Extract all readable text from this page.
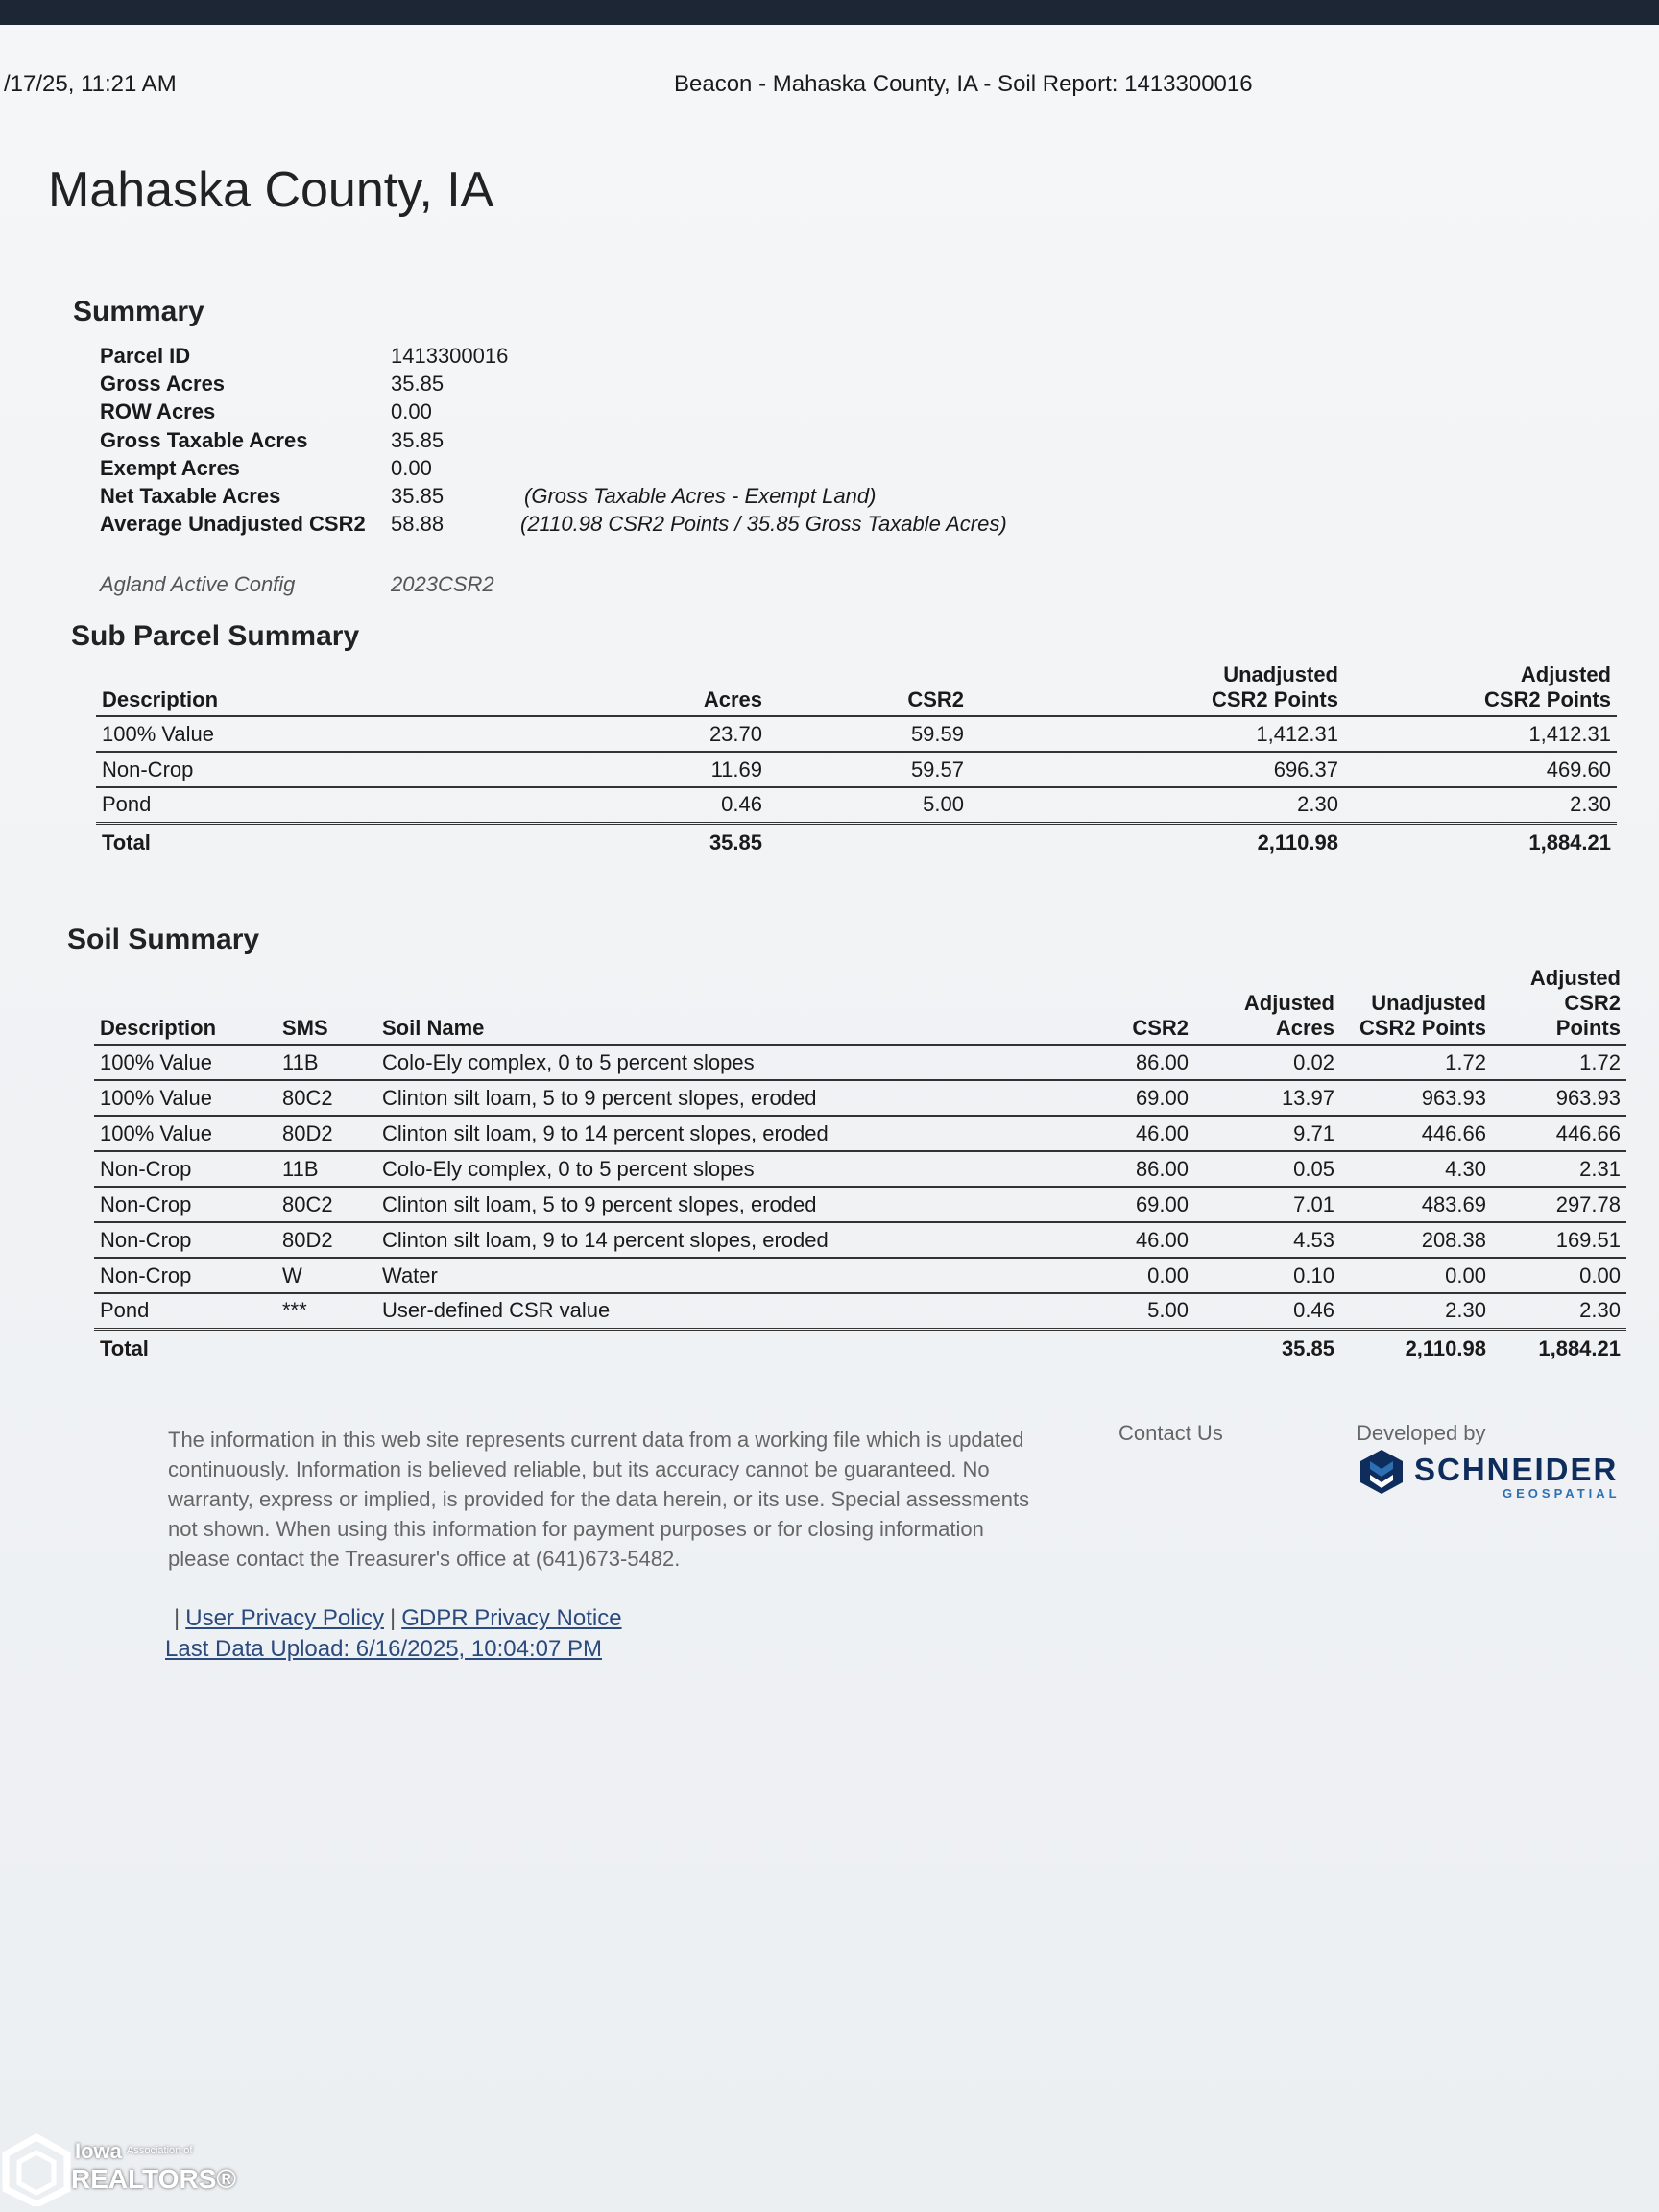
/17/25, 11:21 AM	Beacon - Mahaska County, IA - Soil Report: 1413300016
Mahaska County, IA
Summary
Parcel ID	1413300016
Gross Acres	35.85
ROW Acres	0.00
Gross Taxable Acres	35.85
Exempt Acres	0.00
Net Taxable Acres	35.85	(Gross Taxable Acres - Exempt Land)
Average Unadjusted CSR2 58.88	(2110.98 CSR2 Points / 35.85 Gross Taxable Acres)
Agland Active Config	2023CSR2
Sub Parcel Summary
Description	Acres	CSR2	Unadjusted CSR2 Points	Adjusted CSR2 Points
100% Value	23.70	59.59	1,412.31	1,412.31
Non-Crop	11.69	59.57	696.37	469.60
Pond	0.46	5.00	2.30	2.30
Total	35.85		2,110.98	1,884.21
Soil Summary
Description	SMS	Soil Name	CSR2	Adjusted Acres	Unadjusted CSR2 Points	Adjusted CSR2 Points
100% Value	11B	Colo-Ely complex, 0 to 5 percent slopes	86.00	0.02	1.72	1.72
100% Value	80C2	Clinton silt loam, 5 to 9 percent slopes, eroded	69.00	13.97	963.93	963.93
100% Value	80D2	Clinton silt loam, 9 to 14 percent slopes, eroded	46.00	9.71	446.66	446.66
Non-Crop	11B	Colo-Ely complex, 0 to 5 percent slopes	86.00	0.05	4.30	2.31
Non-Crop	80C2	Clinton silt loam, 5 to 9 percent slopes, eroded	69.00	7.01	483.69	297.78
Non-Crop	80D2	Clinton silt loam, 9 to 14 percent slopes, eroded	46.00	4.53	208.38	169.51
Non-Crop	W	Water	0.00	0.10	0.00	0.00
Pond	***	User-defined CSR value	5.00	0.46	2.30	2.30
Total				35.85	2,110.98	1,884.21
The information in this web site represents current data from a working file which is updated continuously. Information is believed reliable, but its accuracy cannot be guaranteed. No warranty, express or implied, is provided for the data herein, or its use. Special assessments not shown. When using this information for payment purposes or for closing information please contact the Treasurer's office at (641)673-5482.
| User Privacy Policy | GDPR Privacy Notice
Last Data Upload: 6/16/2025, 10:04:07 PM
Contact Us	Developed by
SCHNEIDER
GEOSPATIAL
Iowa Association of
REALTORS®
